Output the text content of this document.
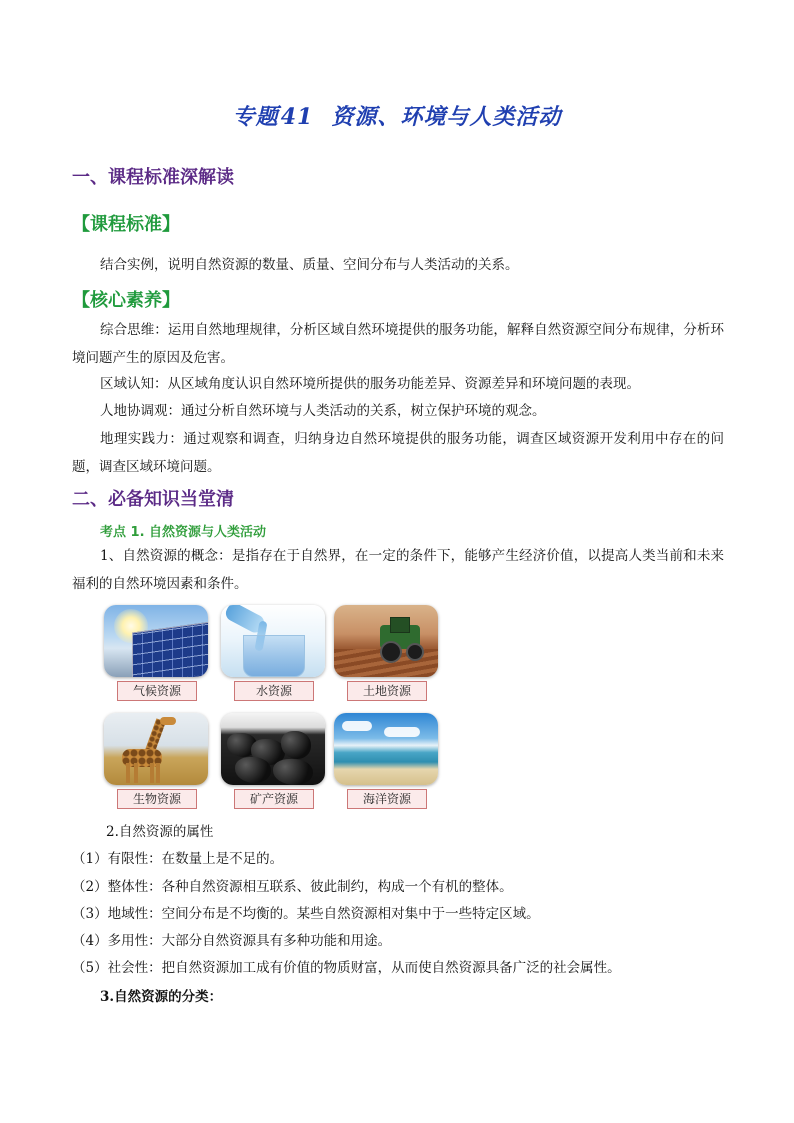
专题41 资源、环境与人类活动
一、课程标准深解读
【课程标准】
结合实例，说明自然资源的数量、质量、空间分布与人类活动的关系。
【核心素养】
综合思维：运用自然地理规律，分析区域自然环境提供的服务功能，解释自然资源空间分布规律，分析环境问题产生的原因及危害。
区域认知：从区域角度认识自然环境所提供的服务功能差异、资源差异和环境问题的表现。
人地协调观：通过分析自然环境与人类活动的关系，树立保护环境的观念。
地理实践力：通过观察和调查，归纳身边自然环境提供的服务功能，调查区域资源开发利用中存在的问题，调查区域环境问题。
二、必备知识当堂清
考点 1. 自然资源与人类活动
1、自然资源的概念：是指存在于自然界，在一定的条件下，能够产生经济价值，以提高人类当前和未来福利的自然环境因素和条件。
气候资源	水资源	土地资源
生物资源	矿产资源	海洋资源
2.自然资源的属性
（1）有限性：在数量上是不足的。
（2）整体性：各种自然资源相互联系、彼此制约，构成一个有机的整体。
（3）地域性：空间分布是不均衡的。某些自然资源相对集中于一些特定区域。
（4）多用性：大部分自然资源具有多种功能和用途。
（5）社会性：把自然资源加工成有价值的物质财富，从而使自然资源具备广泛的社会属性。
3.自然资源的分类：
